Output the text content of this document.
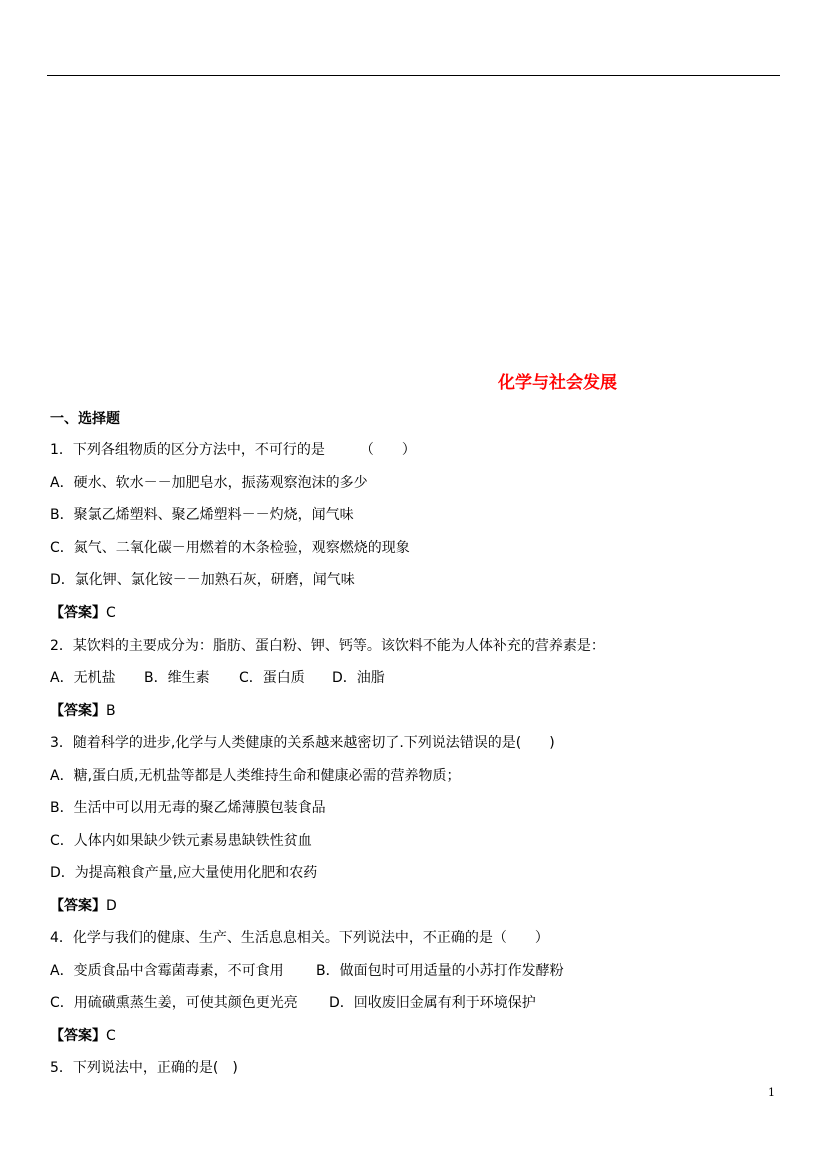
化学与社会发展
一、选择题
1．下列各组物质的区分方法中，不可行的是　　　（　　）
A．硬水、软水－－加肥皂水，振荡观察泡沫的多少
B．聚氯乙烯塑料、聚乙烯塑料－－灼烧，闻气味
C．氮气、二氧化碳－用燃着的木条检验，观察燃烧的现象
D．氯化钾、氯化铵－－加熟石灰，研磨，闻气味
【答案】C
2．某饮料的主要成分为：脂肪、蛋白粉、钾、钙等。该饮料不能为人体补充的营养素是：
A．无机盐 B．维生素 C．蛋白质 D．油脂
【答案】B
3．随着科学的进步,化学与人类健康的关系越来越密切了.下列说法错误的是(　　)
A．糖,蛋白质,无机盐等都是人类维持生命和健康必需的营养物质；
B．生活中可以用无毒的聚乙烯薄膜包装食品
C．人体内如果缺少铁元素易患缺铁性贫血
D．为提高粮食产量,应大量使用化肥和农药
【答案】D
4．化学与我们的健康、生产、生活息息相关。下列说法中，不正确的是（　　）
A．变质食品中含霉菌毒素，不可食用 B．做面包时可用适量的小苏打作发酵粉
C．用硫磺熏蒸生姜，可使其颜色更光亮 D．回收废旧金属有利于环境保护
【答案】C
5．下列说法中，正确的是(　)
1
